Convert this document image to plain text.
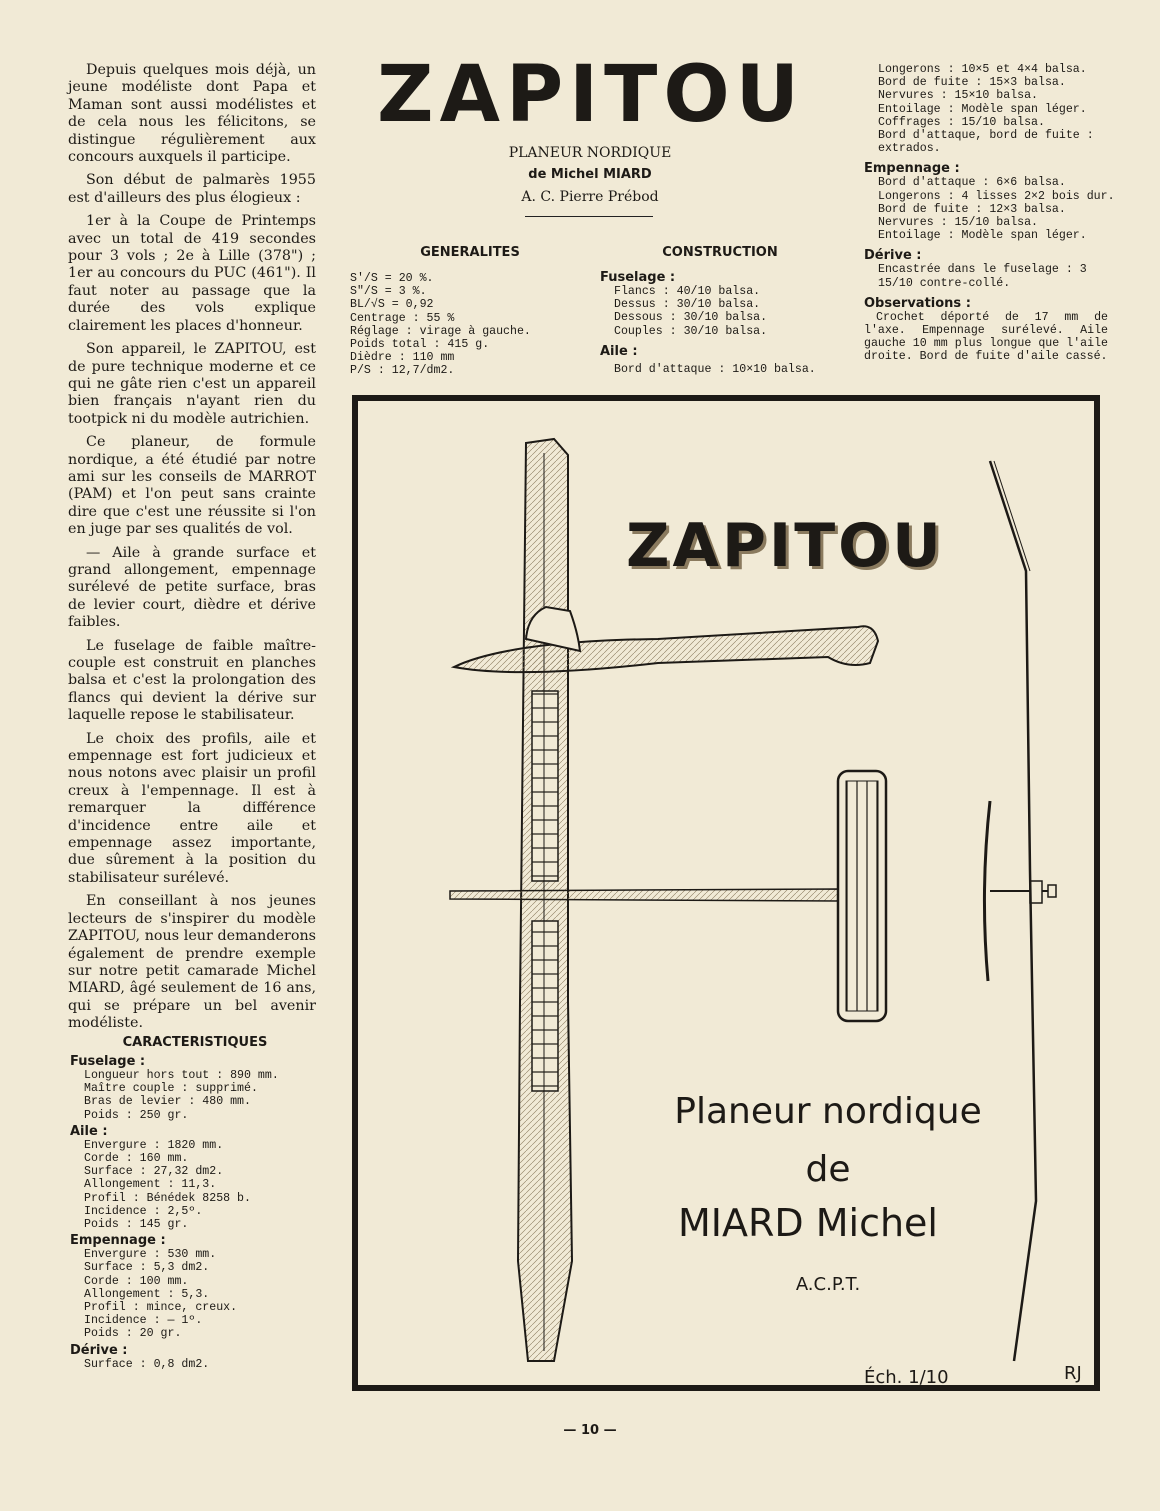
Depuis quelques mois déjà, un jeune modéliste dont Papa et Maman sont aussi modélistes et de cela nous les félicitons, se distingue régulièrement aux concours auxquels il participe.

Son début de palmarès 1955 est d'ailleurs des plus élogieux :

1er à la Coupe de Printemps avec un total de 419 secondes pour 3 vols ; 2e à Lille (378") ; 1er au concours du PUC (461"). Il faut noter au passage que la durée des vols explique clairement les places d'honneur.

Son appareil, le ZAPITOU, est de pure technique moderne et ce qui ne gâte rien c'est un appareil bien français n'ayant rien du tootpick ni du modèle autrichien.

Ce planeur, de formule nordique, a été étudié par notre ami sur les conseils de MARROT (PAM) et l'on peut sans crainte dire que c'est une réussite si l'on en juge par ses qualités de vol.

— Aile à grande surface et grand allongement, empennage surélevé de petite surface, bras de levier court, dièdre et dérive faibles.

Le fuselage de faible maître-couple est construit en planches balsa et c'est la prolongation des flancs qui devient la dérive sur laquelle repose le stabilisateur.

Le choix des profils, aile et empennage est fort judicieux et nous notons avec plaisir un profil creux à l'empennage. Il est à remarquer la différence d'incidence entre aile et empennage assez importante, due sûrement à la position du stabilisateur surélevé.

En conseillant à nos jeunes lecteurs de s'inspirer du modèle ZAPITOU, nous leur demanderons également de prendre exemple sur notre petit camarade Michel MIARD, âgé seulement de 16 ans, qui se prépare un bel avenir modéliste.

CARACTERISTIQUES
Fuselage :
Longueur hors tout : 890 mm.
Maître couple : supprimé.
Bras de levier : 480 mm.
Poids : 250 gr.
Aile :
Envergure : 1820 mm.
Corde : 160 mm.
Surface : 27,32 dm2.
Allongement : 11,3.
Profil : Bénédek 8258 b.
Incidence : 2,5º.
Poids : 145 gr.
Empennage :
Envergure : 530 mm.
Surface : 5,3 dm2.
Corde : 100 mm.
Allongement : 5,3.
Profil : mince, creux.
Incidence : — 1º.
Poids : 20 gr.
Dérive :
Surface : 0,8 dm2.
ZAPITOU
PLANEUR NORDIQUE
de Michel MIARD
A. C. Pierre Prébod
GENERALITES
S'/S = 20 %.
S"/S = 3 %.
BL/√S = 0,92
Centrage : 55 %
Réglage : virage à gauche.
Poids total : 415 g.
Dièdre : 110 mm
P/S : 12,7/dm2.
CONSTRUCTION
Fuselage :
Flancs : 40/10 balsa.
Dessus : 30/10 balsa.
Dessous : 30/10 balsa.
Couples : 30/10 balsa.
Aile :
Bord d'attaque : 10×10 balsa.
Longerons : 10×5 et 4×4 balsa.
Bord de fuite : 15×3 balsa.
Nervures : 15×10 balsa.
Entoilage : Modèle span léger.
Coffrages : 15/10 balsa.
Bord d'attaque, bord de fuite : extrados.
Empennage :
Bord d'attaque : 6×6 balsa.
Longerons : 4 lisses 2×2 bois dur.
Bord de fuite : 12×3 balsa.
Nervures : 15/10 balsa.
Entoilage : Modèle span léger.
Dérive :
Encastrée dans le fuselage : 3 15/10 contre-collé.
Observations :
Crochet déporté de 17 mm de l'axe. Empennage surélevé. Aile gauche 10 mm plus longue que l'aile droite. Bord de fuite d'aile cassé.
ZAPITOU
Planeur nordique
de
MIARD Michel
A.C.P.T.
Éch. 1/10	RJ
— 10 —
